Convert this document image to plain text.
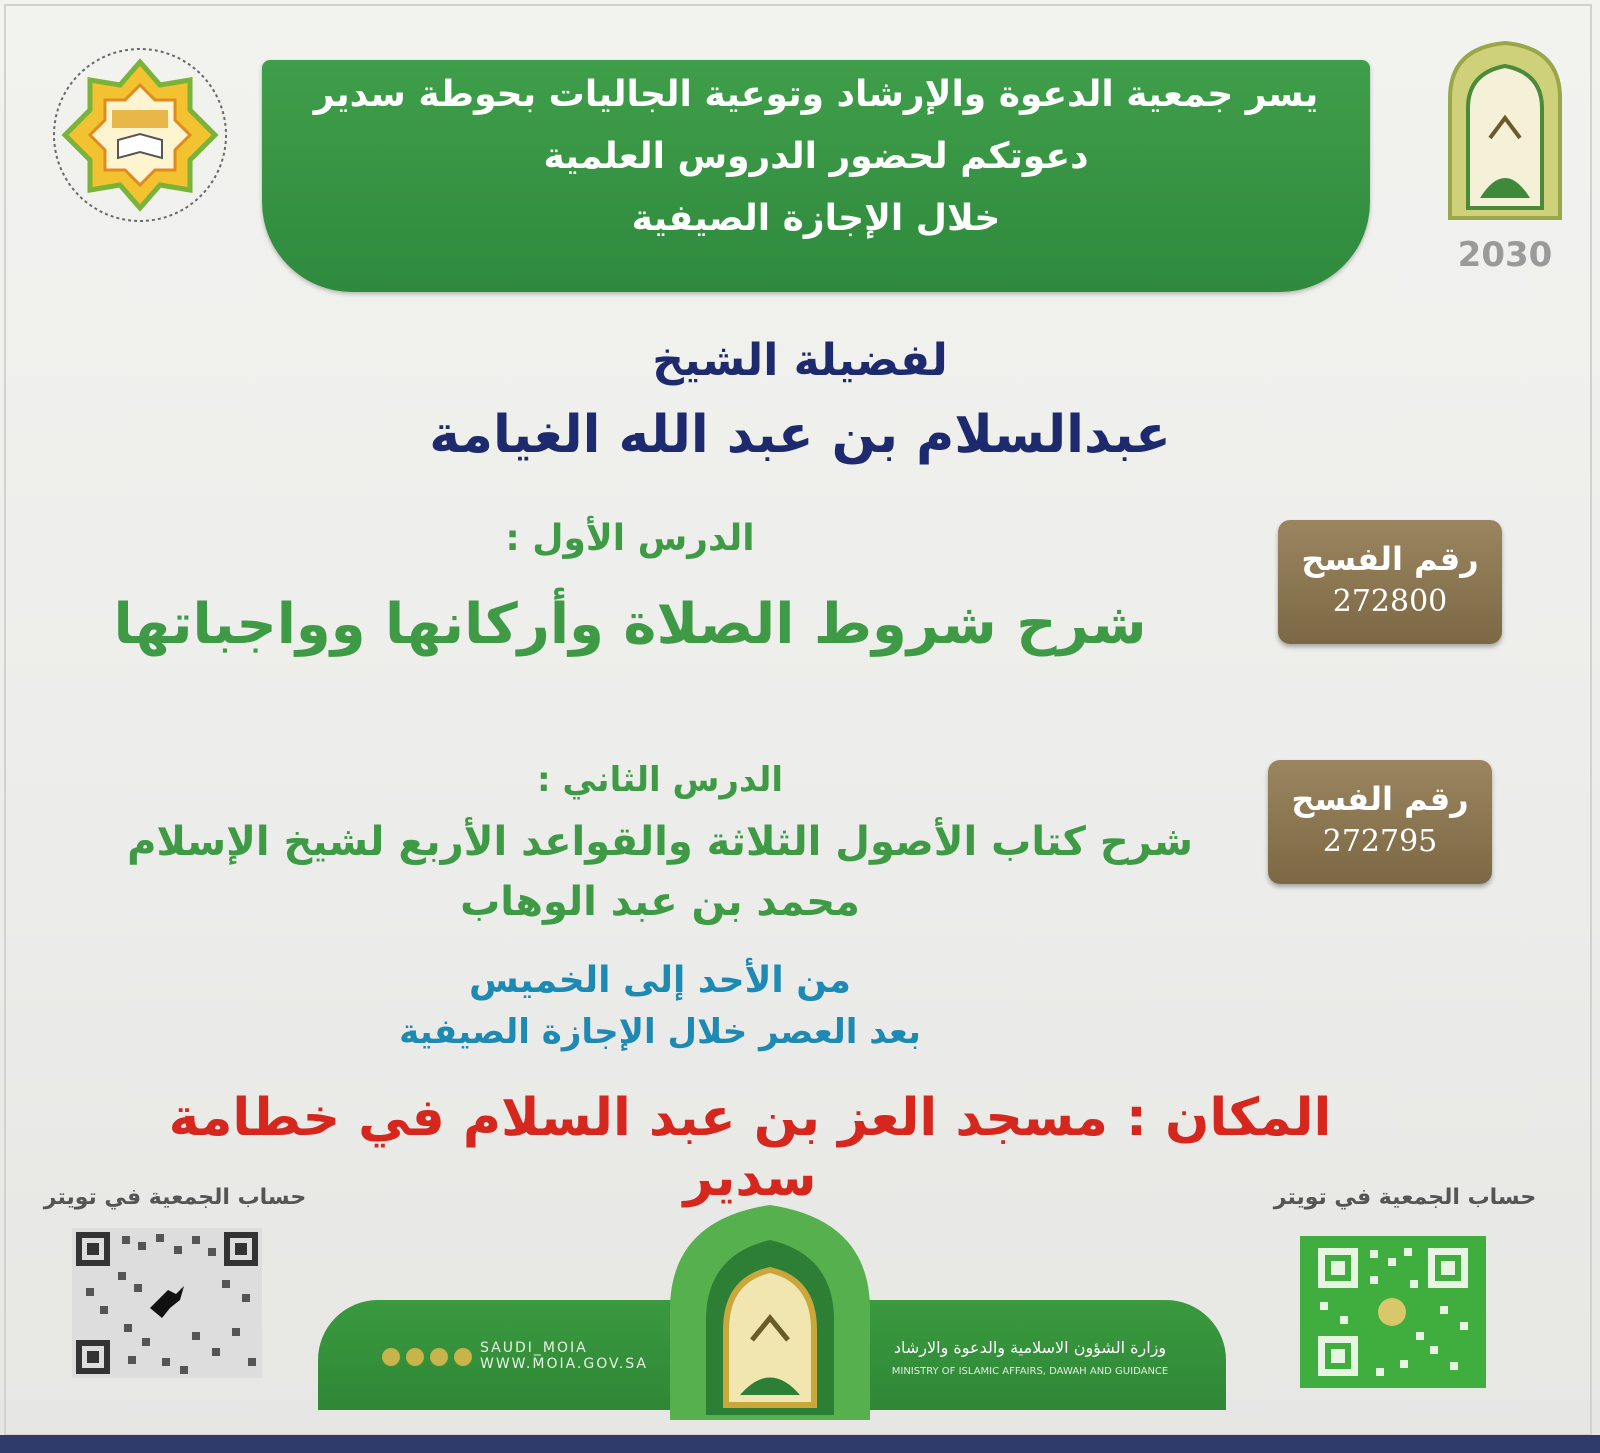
2030
يسر جمعية الدعوة والإرشاد وتوعية الجاليات بحوطة سدير
دعوتكم لحضور الدروس العلمية
خلال الإجازة الصيفية
لفضيلة الشيخ
عبدالسلام بن عبد الله الغيامة
الدرس الأول :
شرح شروط الصلاة وأركانها وواجباتها
رقم الفسح
272800
الدرس الثاني :
شرح كتاب الأصول الثلاثة والقواعد الأربع لشيخ الإسلام
محمد بن عبد الوهاب
رقم الفسح
272795
من الأحد إلى الخميس
بعد العصر خلال الإجازة الصيفية
المكان : مسجد العز بن عبد السلام في خطامة سدير
حساب الجمعية في تويتر	حساب الجمعية في تويتر
SAUDI_MOIA
WWW.MOIA.GOV.SA
وزارة الشؤون الاسلامية والدعوة والارشاد
MINISTRY OF ISLAMIC AFFAIRS, DAWAH AND GUIDANCE
